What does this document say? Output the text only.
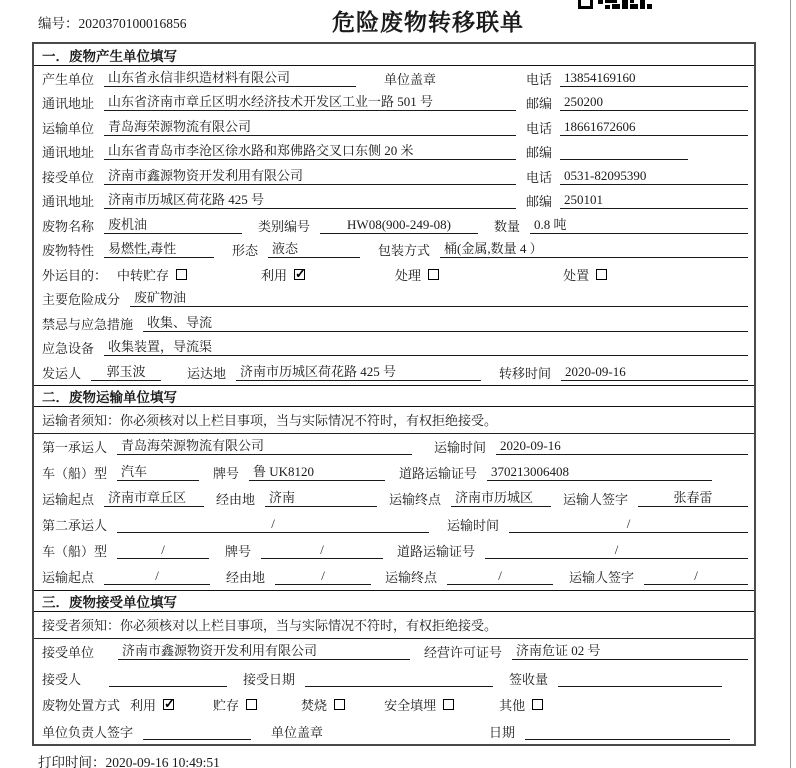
编号：2020370100016856	危险废物转移联单
一．废物产生单位填写
产生单位	山东省永信非织造材料有限公司	单位盖章	电话 13854169160
通讯地址	山东省济南市章丘区明水经济技术开发区工业一路 501 号	邮编 250200
运输单位	青岛海荣源物流有限公司	电话 18661672606
通讯地址	山东省青岛市李沧区徐水路和郑佛路交叉口东侧 20 米	邮编
接受单位	济南市鑫源物资开发利用有限公司	电话 0531-82095390
通讯地址	济南市历城区荷花路 425 号	邮编 250101
废物名称	废机油	类别编号	HW08(900-249-08)	数量	0.8 吨
废物特性	易燃性,毒性	形态	液态	包装方式	桶(金属,数量 4 ）
外运目的： 中转贮存	利用 ✓	处理	处置
主要危险成分	废矿物油
禁忌与应急措施	收集、导流
应急设备	收集装置，导流渠
发运人	郭玉波	运达地	济南市历城区荷花路 425 号	转移时间	2020-09-16
二．废物运输单位填写
运输者须知：你必须核对以上栏目事项，当与实际情况不符时，有权拒绝接受。
第一承运人	青岛海荣源物流有限公司	运输时间	2020-09-16
车（船）型	汽车	牌号	鲁 UK8120	道路运输证号	370213006408
运输起点	济南市章丘区	经由地	济南	运输终点	济南市历城区	运输人签字	张春雷
第二承运人	/	运输时间	/
车（船）型	/	牌号	/	道路运输证号	/
运输起点	/	经由地	/	运输终点	/	运输人签字	/
三．废物接受单位填写
接受者须知：你必须核对以上栏目事项，当与实际情况不符时，有权拒绝接受。
接受单位	济南市鑫源物资开发利用有限公司	经营许可证号	济南危证 02 号
接受人	接受日期	签收量
废物处置方式 利用 ✓	贮存	焚烧	安全填埋	其他
单位负责人签字	单位盖章	日期
打印时间：2020-09-16 10:49:51
